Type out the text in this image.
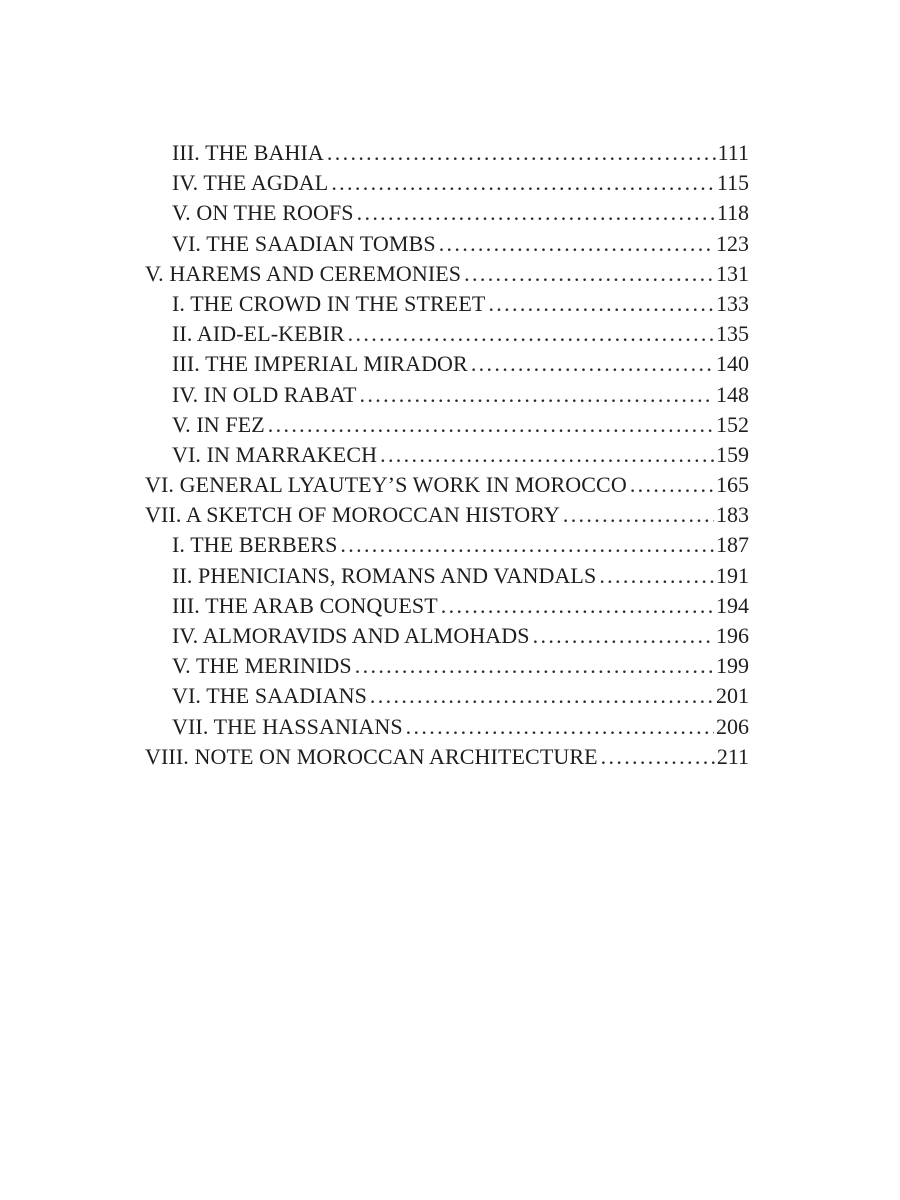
III. THE BAHIA .....	111
IV. THE AGDAL .....	115
V. ON THE ROOFS .....	118
VI. THE SAADIAN TOMBS .....	123
V. HAREMS AND CEREMONIES .....	131
I. THE CROWD IN THE STREET .....	133
II. AID-EL-KEBIR .....	135
III. THE IMPERIAL MIRADOR .....	140
IV. IN OLD RABAT .....	148
V. IN FEZ .....	152
VI. IN MARRAKECH .....	159
VI. GENERAL LYAUTEY’S WORK IN MOROCCO .....	165
VII. A SKETCH OF MOROCCAN HISTORY .....	183
I. THE BERBERS .....	187
II. PHENICIANS, ROMANS AND VANDALS .....	191
III. THE ARAB CONQUEST .....	194
IV. ALMORAVIDS AND ALMOHADS .....	196
V. THE MERINIDS .....	199
VI. THE SAADIANS .....	201
VII. THE HASSANIANS .....	206
VIII. NOTE ON MOROCCAN ARCHITECTURE .....	211
